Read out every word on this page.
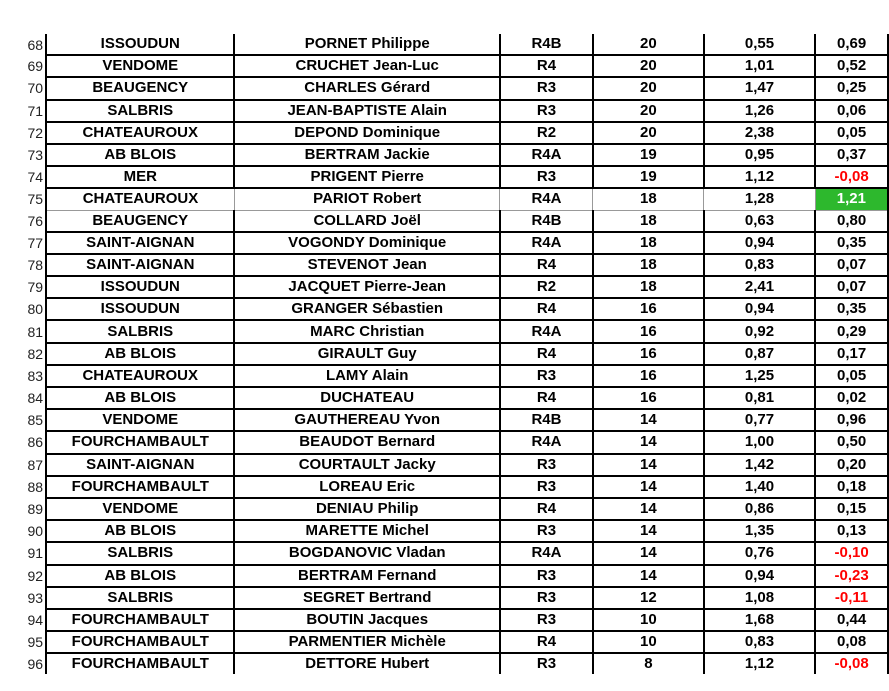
68	ISSOUDUN	PORNET Philippe	R4B	20	0,55	0,69
69	VENDOME	CRUCHET Jean-Luc	R4	20	1,01	0,52
70	BEAUGENCY	CHARLES Gérard	R3	20	1,47	0,25
71	SALBRIS	JEAN-BAPTISTE Alain	R3	20	1,26	0,06
72	CHATEAUROUX	DEPOND Dominique	R2	20	2,38	0,05
73	AB BLOIS	BERTRAM Jackie	R4A	19	0,95	0,37
74	MER	PRIGENT Pierre	R3	19	1,12	-0,08
75	CHATEAUROUX	PARIOT Robert	R4A	18	1,28	1,21
76	BEAUGENCY	COLLARD Joël	R4B	18	0,63	0,80
77	SAINT-AIGNAN	VOGONDY Dominique	R4A	18	0,94	0,35
78	SAINT-AIGNAN	STEVENOT Jean	R4	18	0,83	0,07
79	ISSOUDUN	JACQUET Pierre-Jean	R2	18	2,41	0,07
80	ISSOUDUN	GRANGER Sébastien	R4	16	0,94	0,35
81	SALBRIS	MARC Christian	R4A	16	0,92	0,29
82	AB BLOIS	GIRAULT Guy	R4	16	0,87	0,17
83	CHATEAUROUX	LAMY Alain	R3	16	1,25	0,05
84	AB BLOIS	DUCHATEAU	R4	16	0,81	0,02
85	VENDOME	GAUTHEREAU Yvon	R4B	14	0,77	0,96
86	FOURCHAMBAULT	BEAUDOT Bernard	R4A	14	1,00	0,50
87	SAINT-AIGNAN	COURTAULT Jacky	R3	14	1,42	0,20
88	FOURCHAMBAULT	LOREAU Eric	R3	14	1,40	0,18
89	VENDOME	DENIAU Philip	R4	14	0,86	0,15
90	AB BLOIS	MARETTE Michel	R3	14	1,35	0,13
91	SALBRIS	BOGDANOVIC Vladan	R4A	14	0,76	-0,10
92	AB BLOIS	BERTRAM Fernand	R3	14	0,94	-0,23
93	SALBRIS	SEGRET Bertrand	R3	12	1,08	-0,11
94	FOURCHAMBAULT	BOUTIN Jacques	R3	10	1,68	0,44
95	FOURCHAMBAULT	PARMENTIER Michèle	R4	10	0,83	0,08
96	FOURCHAMBAULT	DETTORE Hubert	R3	8	1,12	-0,08
